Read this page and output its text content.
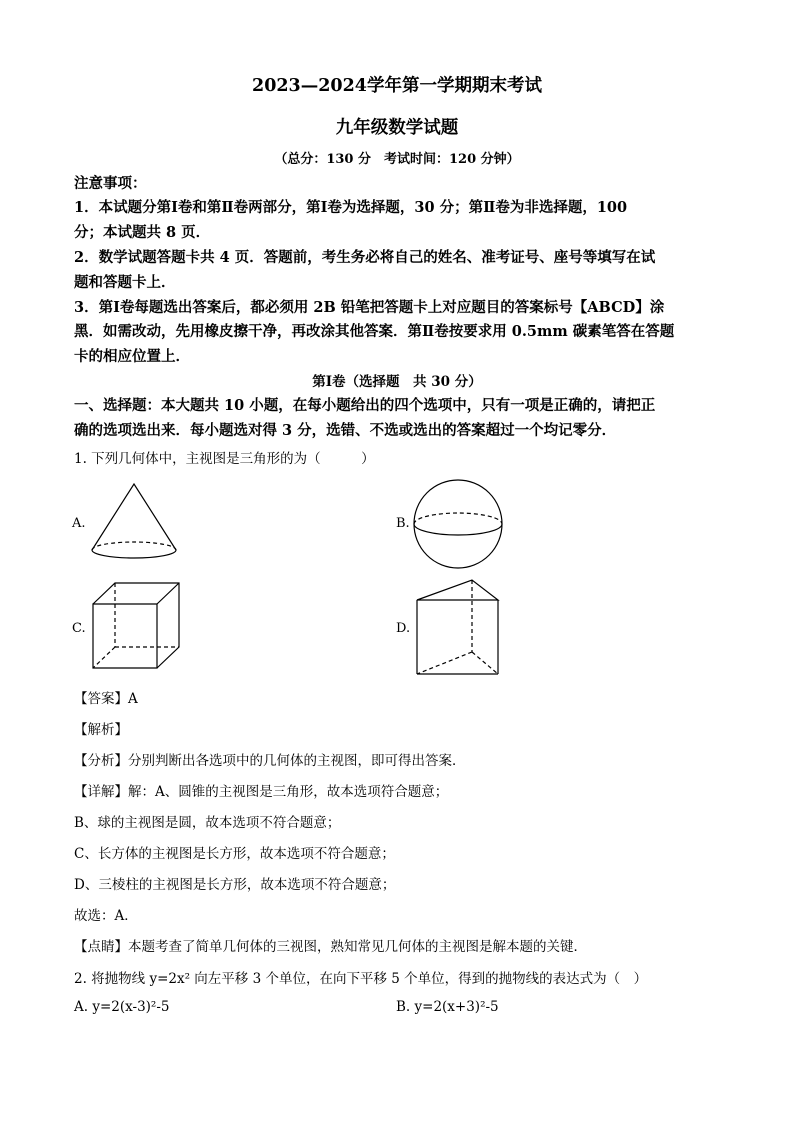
2023—2024学年第一学期期末考试
九年级数学试题
（总分：130 分　考试时间：120 分钟）
注意事项：
1．本试题分第Ⅰ卷和第Ⅱ卷两部分，第Ⅰ卷为选择题，30 分；第Ⅱ卷为非选择题，100
分；本试题共 8 页．
2．数学试题答题卡共 4 页．答题前，考生务必将自己的姓名、准考证号、座号等填写在试
题和答题卡上．
3．第Ⅰ卷每题选出答案后，都必须用 2B 铅笔把答题卡上对应题目的答案标号【ABCD】涂
黑．如需改动，先用橡皮擦干净，再改涂其他答案．第Ⅱ卷按要求用 0.5mm 碳素笔答在答题
卡的相应位置上．
第Ⅰ卷（选择题　共 30 分）
一、选择题：本大题共 10 小题，在每小题给出的四个选项中，只有一项是正确的，请把正
确的选项选出来．每小题选对得 3 分，选错、不选或选出的答案超过一个均记零分．
1. 下列几何体中，主视图是三角形的为（　　　）
A.	B.
C.	D.
【答案】A
【解析】
【分析】分别判断出各选项中的几何体的主视图，即可得出答案．
【详解】解：A、圆锥的主视图是三角形，故本选项符合题意；
B、球的主视图是圆，故本选项不符合题意；
C、长方体的主视图是长方形，故本选项不符合题意；
D、三棱柱的主视图是长方形，故本选项不符合题意；
故选：A．
【点睛】本题考查了简单几何体的三视图，熟知常见几何体的主视图是解本题的关键．
2. 将抛物线 y=2x² 向左平移 3 个单位，在向下平移 5 个单位，得到的抛物线的表达式为（　）
A. y=2(x-3)²-5	B. y=2(x+3)²-5
